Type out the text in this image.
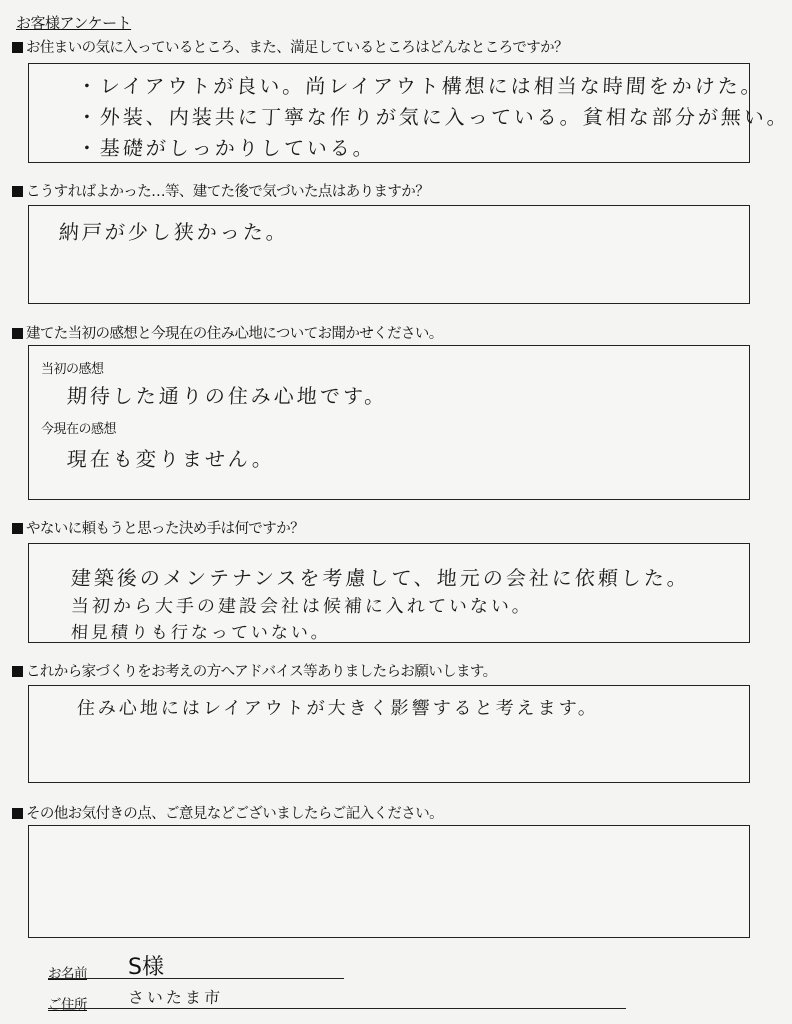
お客様アンケート
お住まいの気に入っているところ、また、満足しているところはどんなところですか？
・レイアウトが良い。尚レイアウト構想には相当な時間をかけた。
・外装、内装共に丁寧な作りが気に入っている。貧相な部分が無い。
・基礎がしっかりしている。
こうすればよかった…等、建てた後で気づいた点はありますか？
納戸が少し狭かった。
建てた当初の感想と今現在の住み心地についてお聞かせください。
当初の感想
期待した通りの住み心地です。
今現在の感想
現在も変りません。
やないに頼もうと思った決め手は何ですか？
建築後のメンテナンスを考慮して、地元の会社に依頼した。
当初から大手の建設会社は候補に入れていない。
相見積りも行なっていない。
これから家づくりをお考えの方へアドバイス等ありましたらお願いします。
住み心地にはレイアウトが大きく影響すると考えます。
その他お気付きの点、ご意見などございましたらご記入ください。
お名前 S様
ご住所	さいたま市
